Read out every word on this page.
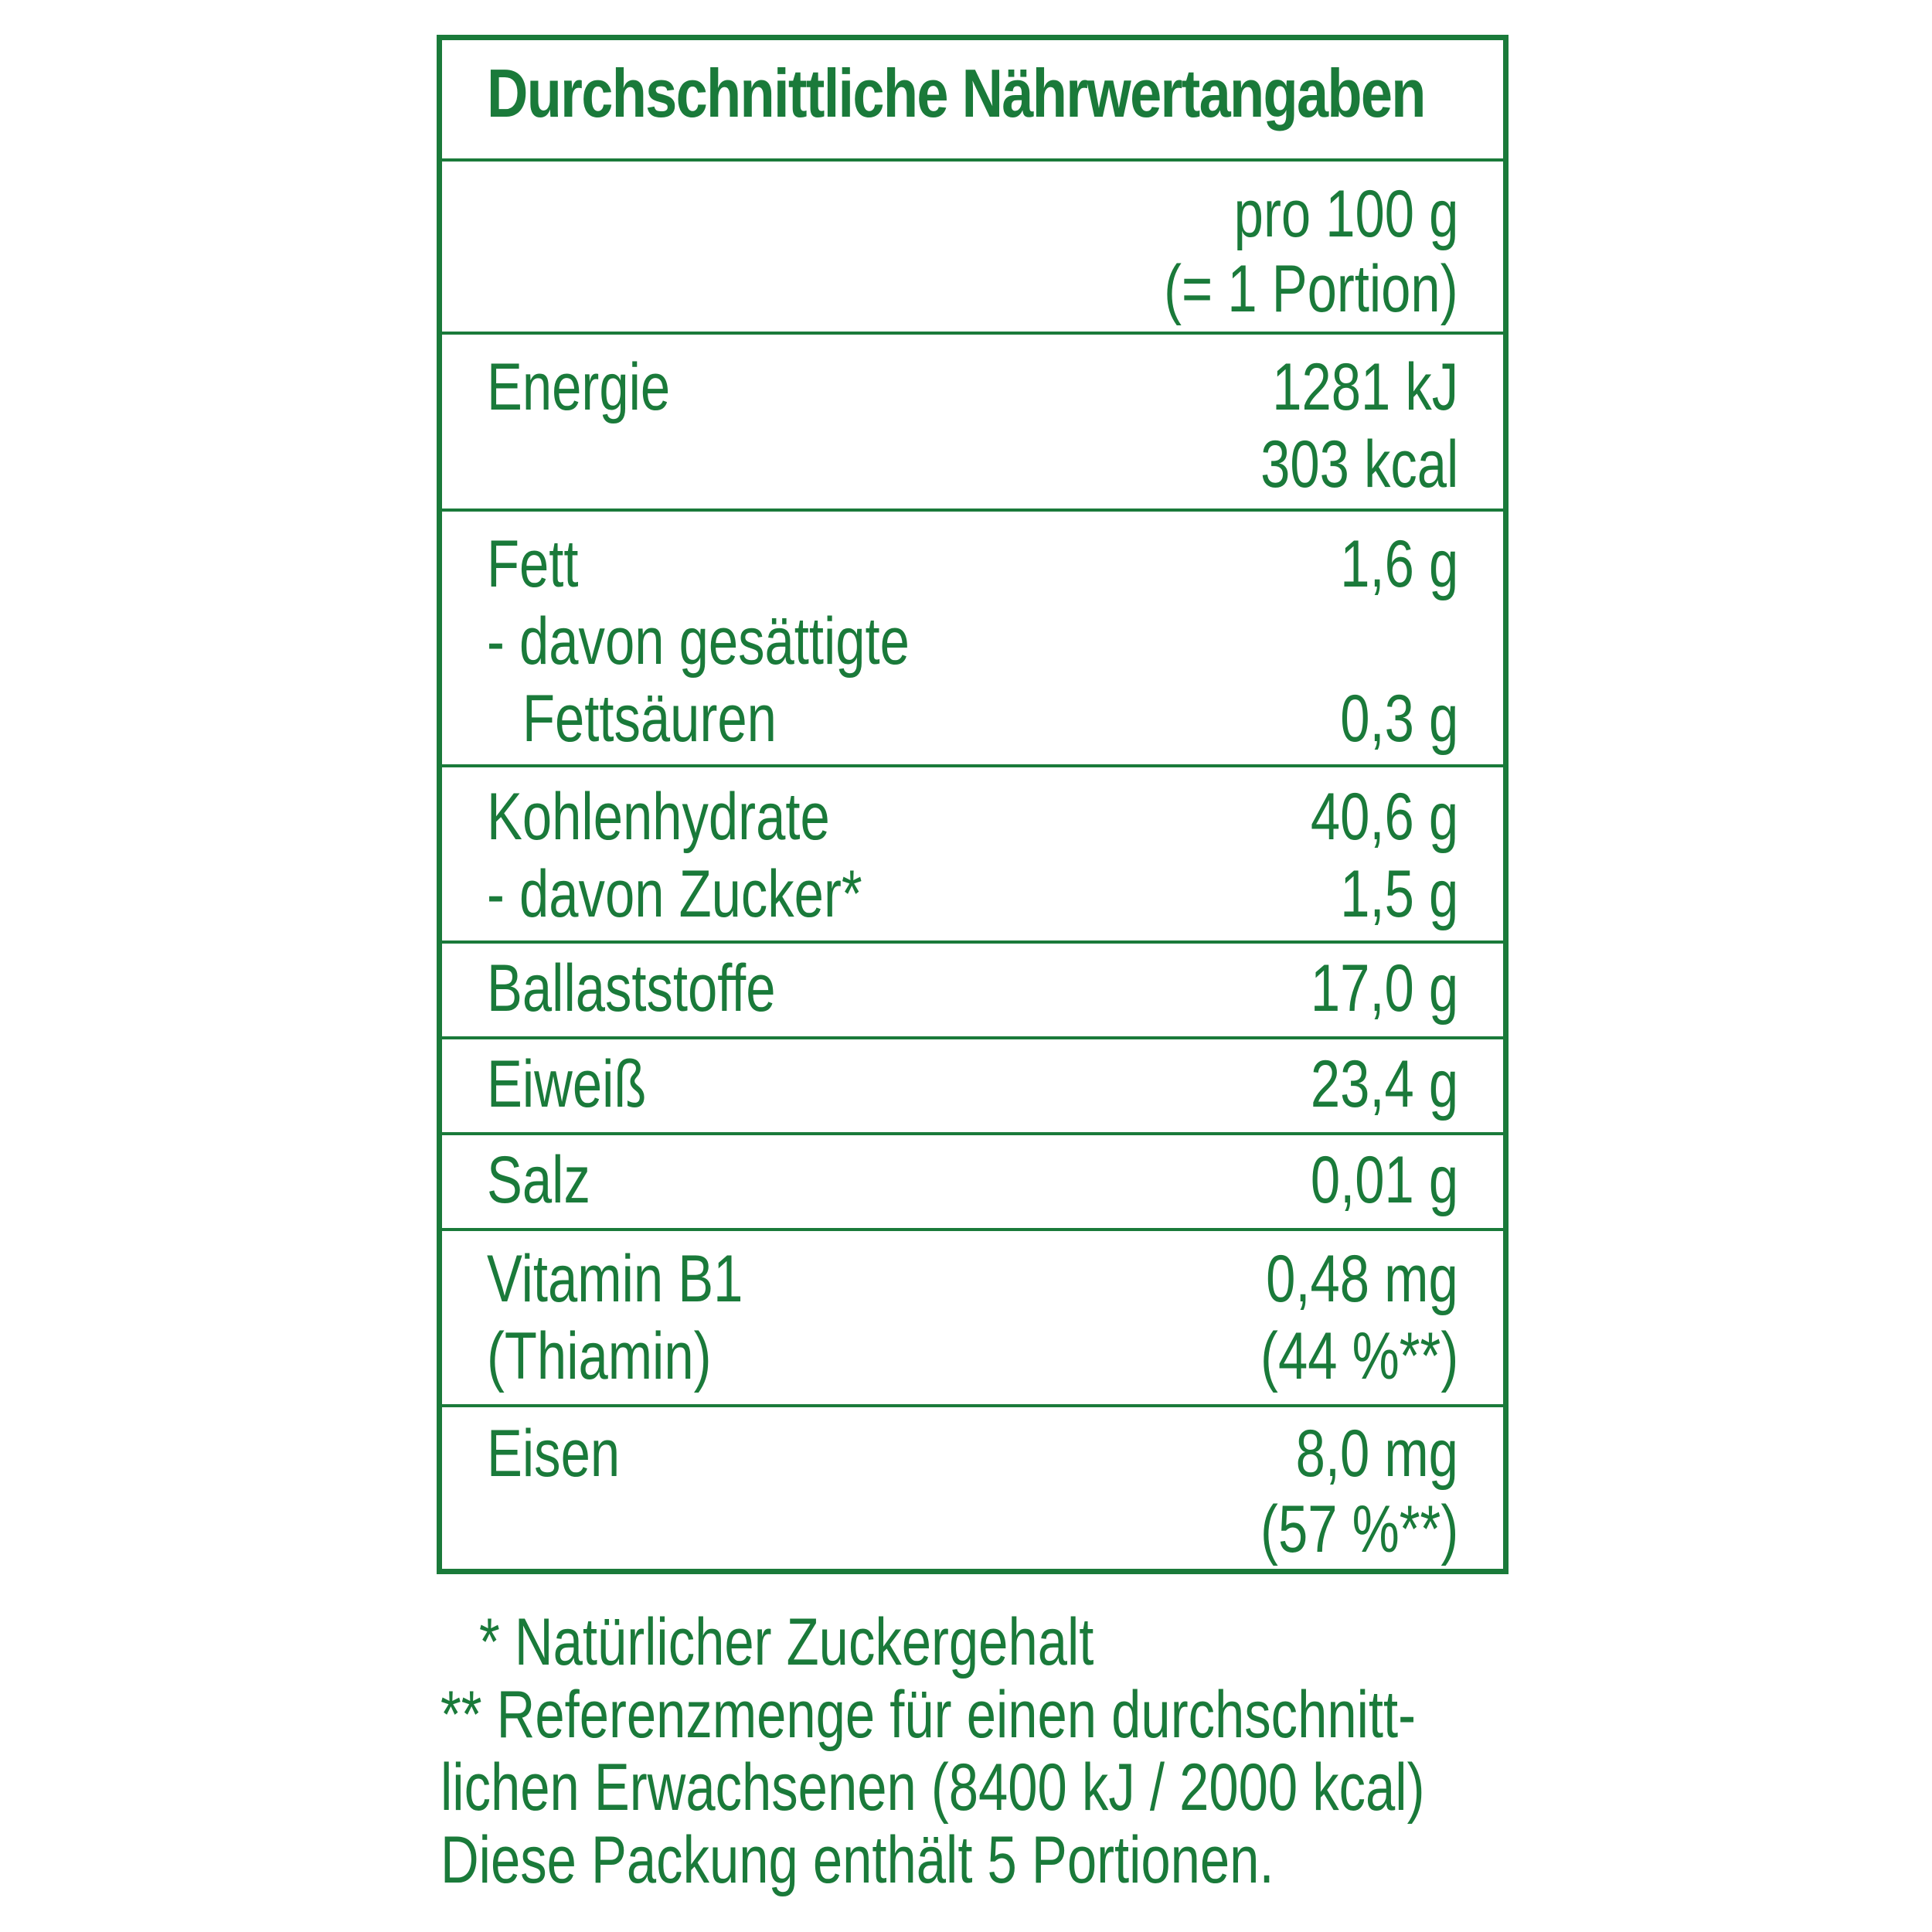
Durchschnittliche Nährwertangaben
pro 100 g
(= 1 Portion)
Energie	1281 kJ
303 kcal
Fett	1,6 g
- davon gesättigte
Fettsäuren	0,3 g
Kohlenhydrate	40,6 g
- davon Zucker*	1,5 g
Ballaststoffe	17,0 g
Eiweiß	23,4 g
Salz	0,01 g
Vitamin B1	0,48 mg
(Thiamin)	(44 %**)
Eisen	8,0 mg
(57 %**)
* Natürlicher Zuckergehalt
** Referenzmenge für einen durchschnitt-
lichen Erwachsenen (8400 kJ / 2000 kcal)
Diese Packung enthält 5 Portionen.
